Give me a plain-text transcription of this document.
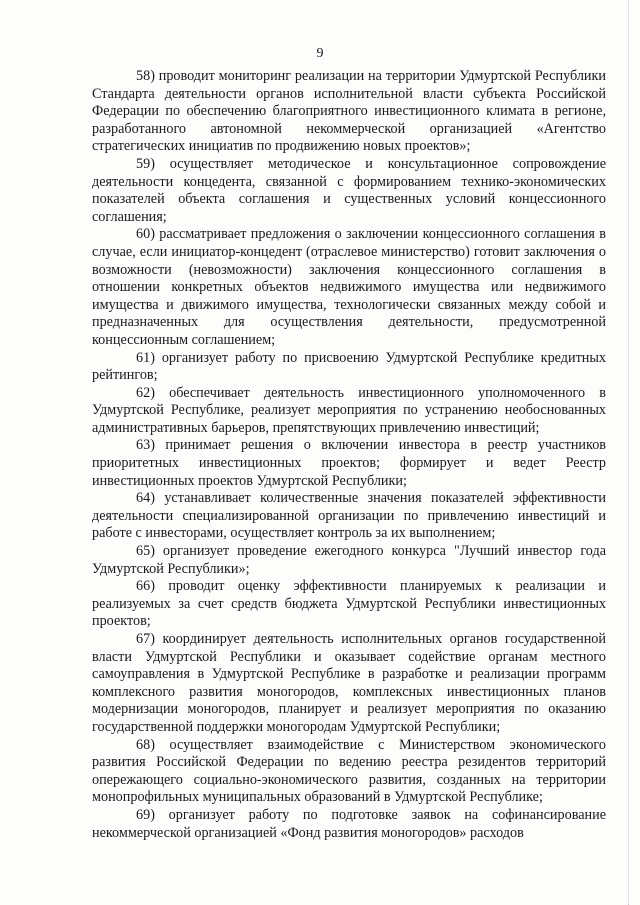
9

58) проводит мониторинг реализации на территории Удмуртской Республики Стандарта деятельности органов исполнительной власти субъекта Российской Федерации по обеспечению благоприятного инвестиционного климата в регионе, разработанного автономной некоммерческой организацией «Агентство стратегических инициатив по продвижению новых проектов»;

59) осуществляет методическое и консультационное сопровождение деятельности концедента, связанной с формированием технико-экономических показателей объекта соглашения и существенных условий концессионного соглашения;

60) рассматривает предложения о заключении концессионного соглашения в случае, если инициатор-концедент (отраслевое министерство) готовит заключения о возможности (невозможности) заключения концессионного соглашения в отношении конкретных объектов недвижимого имущества или недвижимого имущества и движимого имущества, технологически связанных между собой и предназначенных для осуществления деятельности, предусмотренной концессионным соглашением;

61) организует работу по присвоению Удмуртской Республике кредитных рейтингов;

62) обеспечивает деятельность инвестиционного уполномоченного в Удмуртской Республике, реализует мероприятия по устранению необоснованных административных барьеров, препятствующих привлечению инвестиций;

63) принимает решения о включении инвестора в реестр участников приоритетных инвестиционных проектов; формирует и ведет Реестр инвестиционных проектов Удмуртской Республики;

64) устанавливает количественные значения показателей эффективности деятельности специализированной организации по привлечению инвестиций и работе с инвесторами, осуществляет контроль за их выполнением;

65) организует проведение ежегодного конкурса "Лучший инвестор года Удмуртской Республики»;

66) проводит оценку эффективности планируемых к реализации и реализуемых за счет средств бюджета Удмуртской Республики инвестиционных проектов;

67) координирует деятельность исполнительных органов государственной власти Удмуртской Республики и оказывает содействие органам местного самоуправления в Удмуртской Республике в разработке и реализации программ комплексного развития моногородов, комплексных инвестиционных планов модернизации моногородов, планирует и реализует мероприятия по оказанию государственной поддержки моногородам Удмуртской Республики;

68) осуществляет взаимодействие с Министерством экономического развития Российской Федерации по ведению реестра резидентов территорий опережающего социально-экономического развития, созданных на территории монопрофильных муниципальных образований в Удмуртской Республике;

69) организует работу по подготовке заявок на софинансирование некоммерческой организацией «Фонд развития моногородов» расходов
